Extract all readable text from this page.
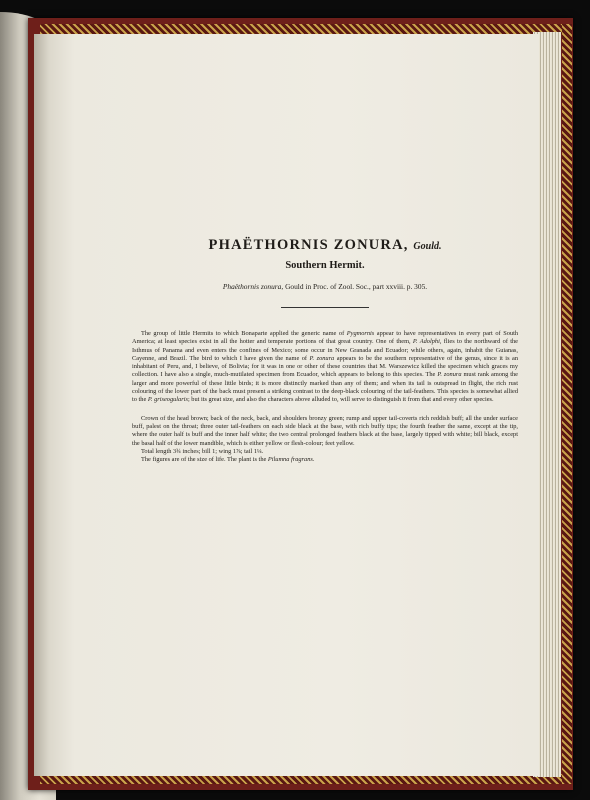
PHAËTHORNIS ZONURA, Gould.

Southern Hermit.

Phaëthornis zonura, Gould in Proc. of Zool. Soc., part xxviii. p. 305.

The group of little Hermits to which Bonaparte applied the generic name of Pygmornis appear to have representatives in every part of South America; at least species exist in all the hotter and temperate portions of that great country. One of them, P. Adolphi, flies to the northward of the Isthmus of Panama and even enters the confines of Mexico; some occur in New Granada and Ecuador; while others, again, inhabit the Guianas, Cayenne, and Brazil. The bird to which I have given the name of P. zonura appears to be the southern representative of the genus, since it is an inhabitant of Peru, and, I believe, of Bolivia; for it was in one or other of these countries that M. Warszewicz killed the specimen which graces my collection. I have also a single, much-mutilated specimen from Ecuador, which appears to belong to this species. The P. zonura must rank among the larger and more powerful of these little birds; it is more distinctly marked than any of them; and when its tail is outspread in flight, the rich rust colouring of the lower part of the back must present a striking contrast to the deep-black colouring of the tail-feathers. This species is somewhat allied to the P. griseogularis; but its great size, and also the characters above alluded to, will serve to distinguish it from that and every other species.

Crown of the head brown; back of the neck, back, and shoulders bronzy green; rump and upper tail-coverts rich reddish buff; all the under surface buff, palest on the throat; three outer tail-feathers on each side black at the base, with rich buffy tips; the fourth feather the same, except at the tip, where the outer half is buff and the inner half white; the two central prolonged feathers black at the base, largely tipped with white; bill black, except the basal half of the lower mandible, which is either yellow or flesh-colour; feet yellow.

Total length 3¾ inches; bill 1; wing 1⅞; tail 1¼.

The figures are of the size of life. The plant is the Pilumna fragrans.
